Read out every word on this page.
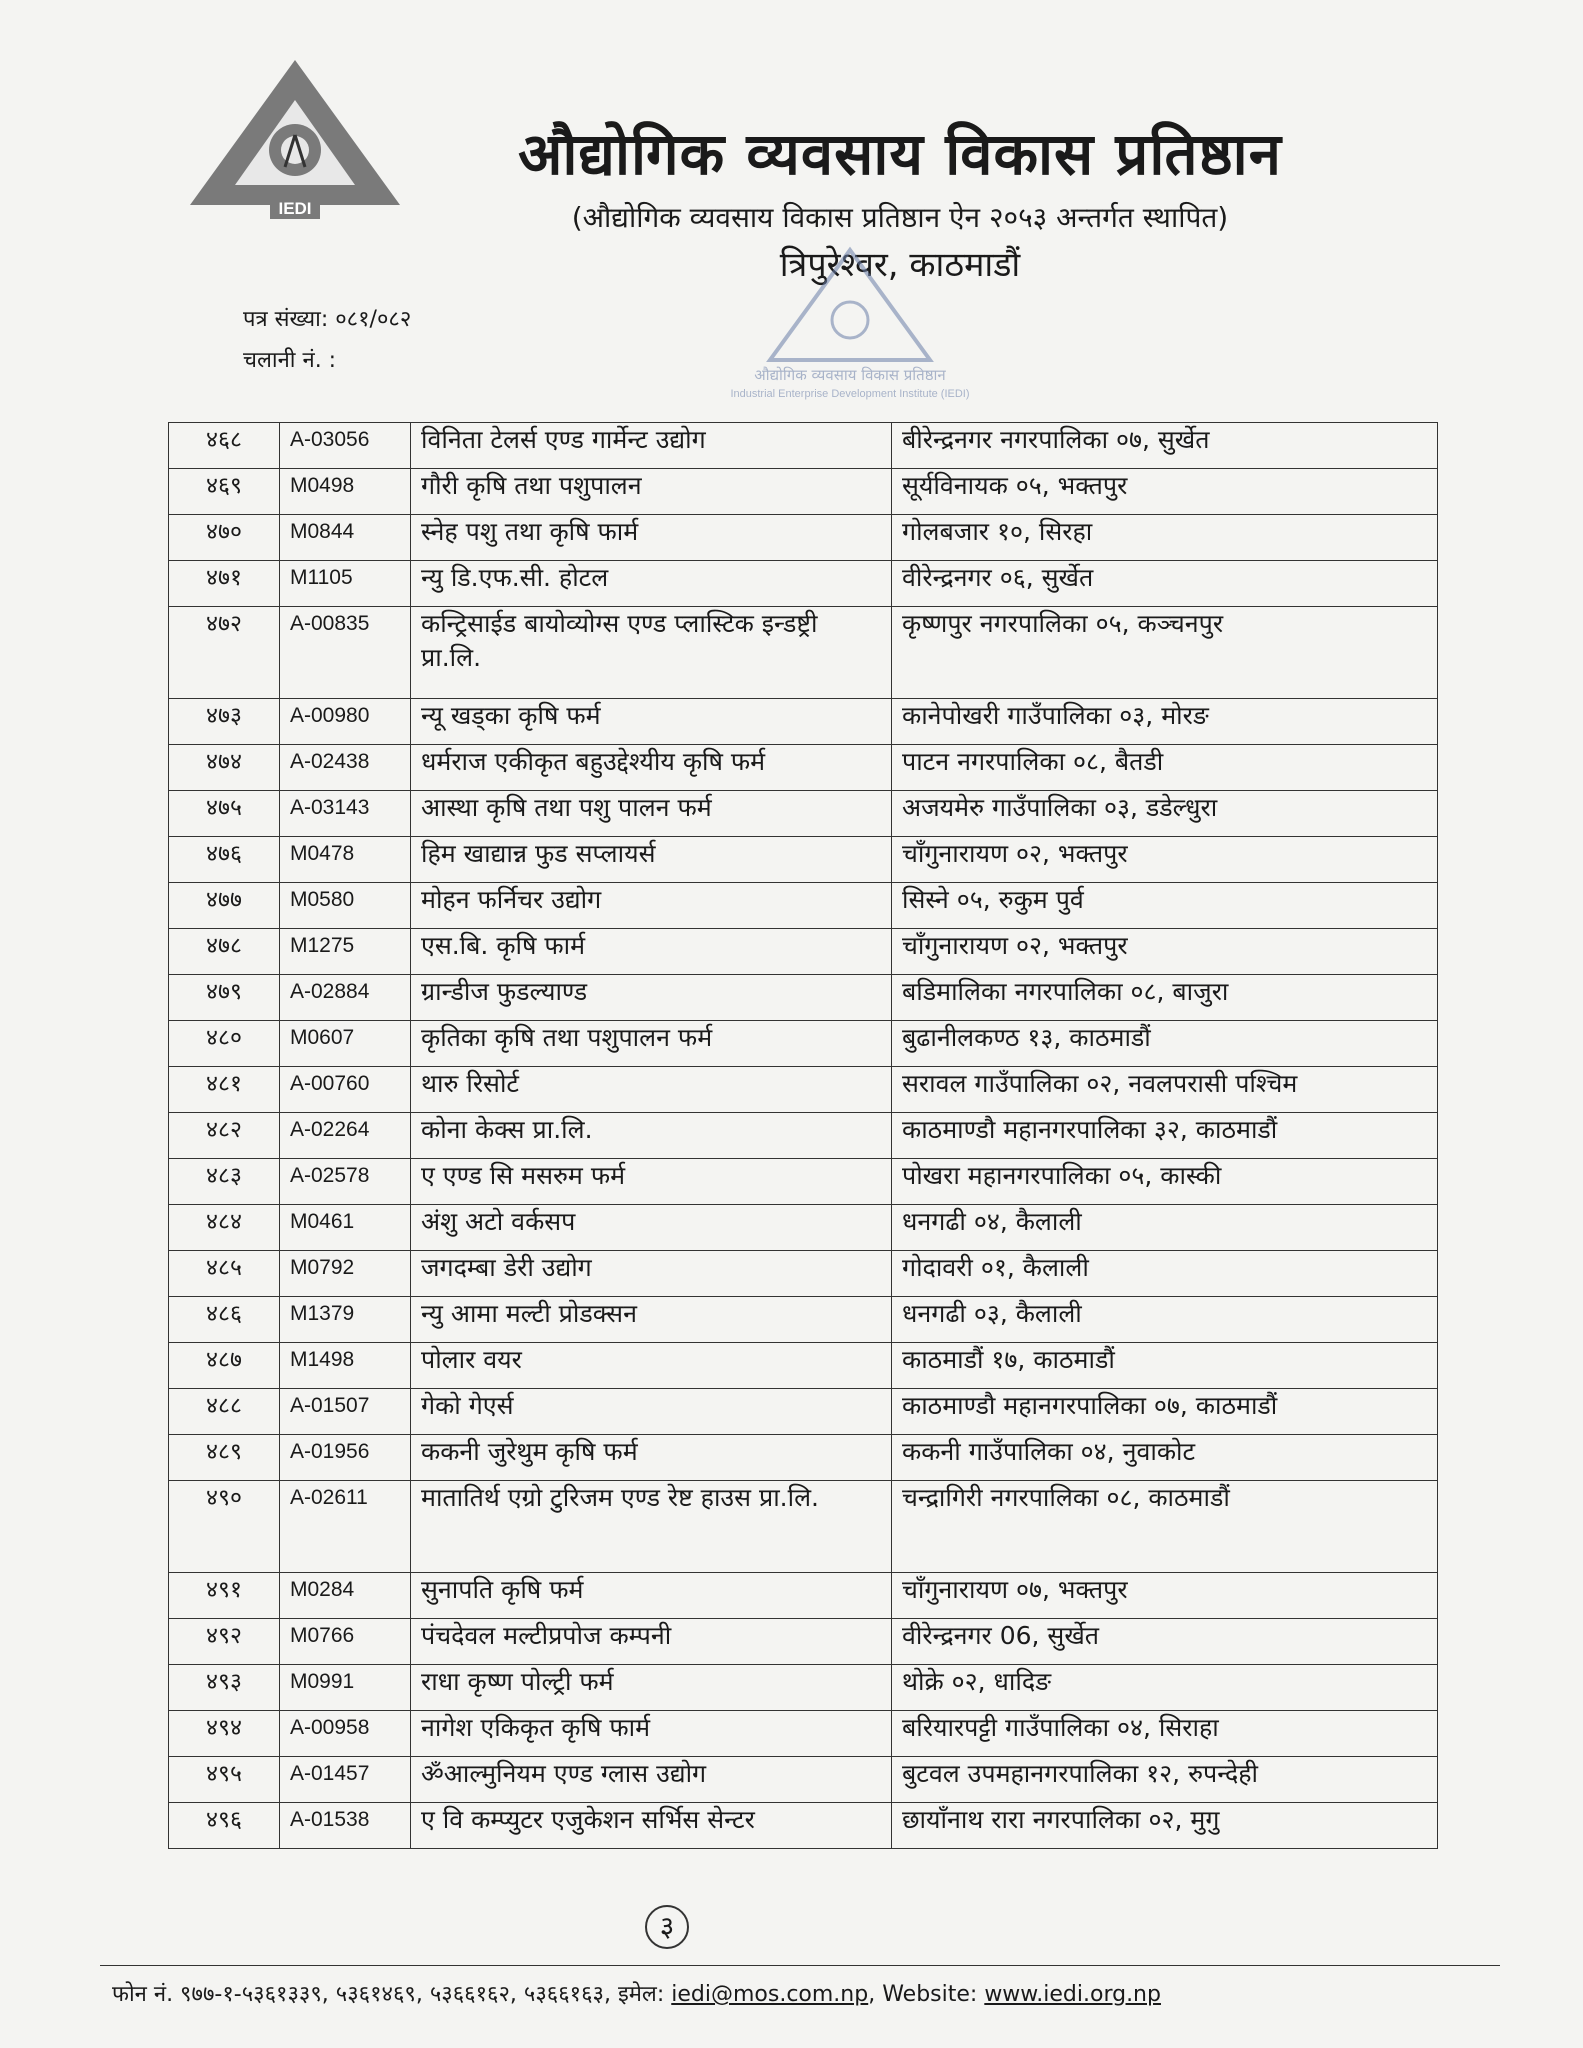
IEDI
औद्योगिक व्यवसाय विकास प्रतिष्ठान
(औद्योगिक व्यवसाय विकास प्रतिष्ठान ऐन २०५३ अन्तर्गत स्थापित)
त्रिपुरेश्वर, काठमाडौं
औद्योगिक व्यवसाय विकास प्रतिष्ठान
Industrial Enterprise Development Institute (IEDI)
पत्र संख्या: ०८१/०८२
चलानी नं. :
४६८	A-03056	विनिता टेलर्स एण्ड गार्मेन्ट उद्योग	बीरेन्द्रनगर नगरपालिका ०७, सुर्खेत
४६९	M0498	गौरी कृषि तथा पशुपालन	सूर्यविनायक ०५, भक्तपुर
४७०	M0844	स्नेह पशु तथा कृषि फार्म	गोलबजार १०, सिरहा
४७१	M1105	न्यु डि.एफ.सी. होटल	वीरेन्द्रनगर ०६, सुर्खेत
४७२	A-00835	कन्ट्रिसाईड बायोव्योग्स एण्ड प्लास्टिक इन्डष्ट्री प्रा.लि.	कृष्णपुर नगरपालिका ०५, कञ्चनपुर
४७३	A-00980	न्यू खड्का कृषि फर्म	कानेपोखरी गाउँपालिका ०३, मोरङ
४७४	A-02438	धर्मराज एकीकृत बहुउद्देश्यीय कृषि फर्म	पाटन नगरपालिका ०८, बैतडी
४७५	A-03143	आस्था कृषि तथा पशु पालन फर्म	अजयमेरु गाउँपालिका ०३, डडेल्धुरा
४७६	M0478	हिम खाद्यान्न फुड सप्लायर्स	चाँगुनारायण ०२, भक्तपुर
४७७	M0580	मोहन फर्निचर उद्योग	सिस्ने ०५, रुकुम पुर्व
४७८	M1275	एस.बि. कृषि फार्म	चाँगुनारायण ०२, भक्तपुर
४७९	A-02884	ग्रान्डीज फुडल्याण्ड	बडिमालिका नगरपालिका ०८, बाजुरा
४८०	M0607	कृतिका कृषि तथा पशुपालन फर्म	बुढानीलकण्ठ १३, काठमाडौं
४८१	A-00760	थारु रिसोर्ट	सरावल गाउँपालिका ०२, नवलपरासी पश्चिम
४८२	A-02264	कोना केक्स प्रा.लि.	काठमाण्डौ महानगरपालिका ३२, काठमाडौं
४८३	A-02578	ए एण्ड सि मसरुम फर्म	पोखरा महानगरपालिका ०५, कास्की
४८४	M0461	अंशु अटो वर्कसप	धनगढी ०४, कैलाली
४८५	M0792	जगदम्बा डेरी उद्योग	गोदावरी ०१, कैलाली
४८६	M1379	न्यु आमा मल्टी प्रोडक्सन	धनगढी ०३, कैलाली
४८७	M1498	पोलार वयर	काठमाडौं १७, काठमाडौं
४८८	A-01507	गेको गेएर्स	काठमाण्डौ महानगरपालिका ०७, काठमाडौं
४८९	A-01956	ककनी जुरेथुम कृषि फर्म	ककनी गाउँपालिका ०४, नुवाकोट
४९०	A-02611	मातातिर्थ एग्रो टुरिजम एण्ड रेष्ट हाउस प्रा.लि.	चन्द्रागिरी नगरपालिका ०८, काठमाडौं
४९१	M0284	सुनापति कृषि फर्म	चाँगुनारायण ०७, भक्तपुर
४९२	M0766	पंचदेवल मल्टीप्रपोज कम्पनी	वीरेन्द्रनगर 06, सुर्खेत
४९३	M0991	राधा कृष्ण पोल्ट्री फर्म	थोक्रे ०२, धादिङ
४९४	A-00958	नागेश एकिकृत कृषि फार्म	बरियारपट्टी गाउँपालिका ०४, सिराहा
४९५	A-01457	ॐआल्मुनियम एण्ड ग्लास उद्योग	बुटवल उपमहानगरपालिका १२, रुपन्देही
४९६	A-01538	ए वि कम्प्युटर एजुकेशन सर्भिस सेन्टर	छायाँनाथ रारा नगरपालिका ०२, मुगु
३
फोन नं. ९७७-१-५३६१३३९, ५३६१४६९, ५३६६१६२, ५३६६१६३, इमेल: iedi@mos.com.np, Website: www.iedi.org.np
